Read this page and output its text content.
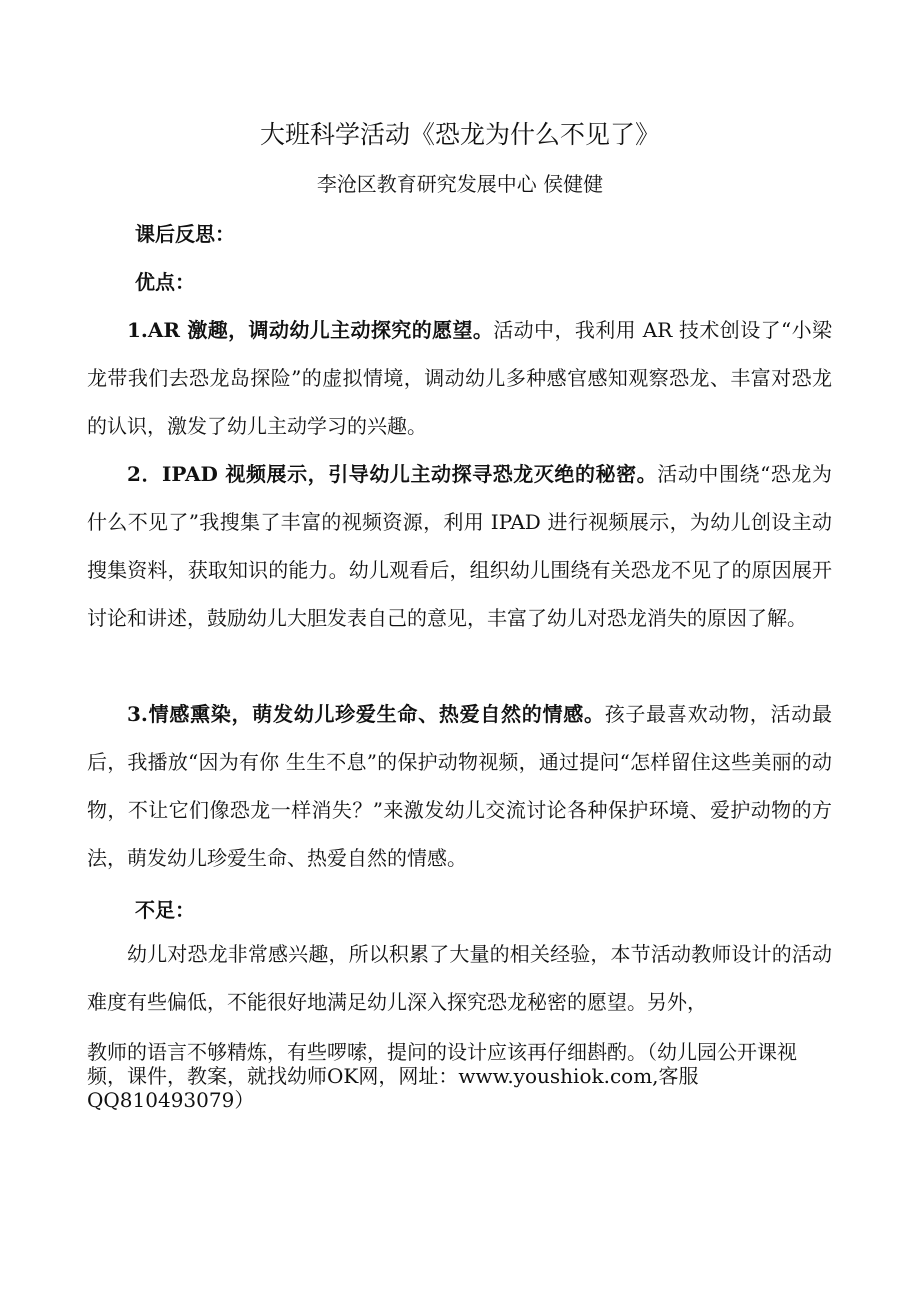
大班科学活动《恐龙为什么不见了》
李沧区教育研究发展中心 侯健健
课后反思：
优点：

1.AR 激趣，调动幼儿主动探究的愿望。活动中，我利用 AR 技术创设了“小梁龙带我们去恐龙岛探险”的虚拟情境，调动幼儿多种感官感知观察恐龙、丰富对恐龙的认识，激发了幼儿主动学习的兴趣。

2．IPAD 视频展示，引导幼儿主动探寻恐龙灭绝的秘密。活动中围绕“恐龙为什么不见了”我搜集了丰富的视频资源，利用 IPAD 进行视频展示，为幼儿创设主动搜集资料，获取知识的能力。幼儿观看后，组织幼儿围绕有关恐龙不见了的原因展开讨论和讲述，鼓励幼儿大胆发表自己的意见，丰富了幼儿对恐龙消失的原因了解。

3.情感熏染，萌发幼儿珍爱生命、热爱自然的情感。孩子最喜欢动物，活动最后，我播放“因为有你 生生不息”的保护动物视频，通过提问“怎样留住这些美丽的动物，不让它们像恐龙一样消失？”来激发幼儿交流讨论各种保护环境、爱护动物的方法，萌发幼儿珍爱生命、热爱自然的情感。

不足：

幼儿对恐龙非常感兴趣，所以积累了大量的相关经验，本节活动教师设计的活动难度有些偏低，不能很好地满足幼儿深入探究恐龙秘密的愿望。另外，

教师的语言不够精炼，有些啰嗦，提问的设计应该再仔细斟酌。（幼儿园公开课视频，课件，教案，就找幼师OK网，网址：www.youshiok.com,客服QQ810493079）
